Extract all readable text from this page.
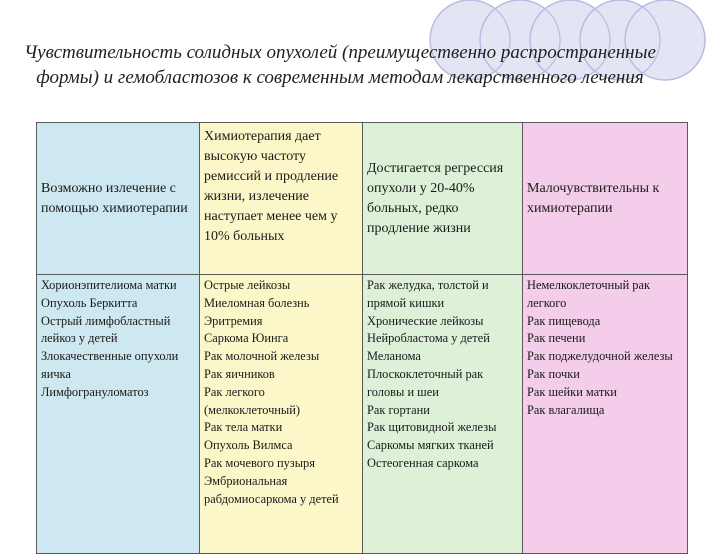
Чувствительность солидных опухолей (преимущественно распространенные формы) и гемобластозов к современным методам лекарственного лечения
Возможно излечение с помощью химиотерапии
Химиотерапия дает высокую частоту ремиссий и продление жизни, излечение наступает менее чем у 10% больных
Достигается регрессия опухоли у 20-40% больных, редко продление жизни
Малочувствительны к химиотерапии
Хорионэпителиома матки
Опухоль Беркитта
Острый лимфобластный лейкоз у детей
Злокачественные опухоли яичка
Лимфогрануломатоз
Острые лейкозы
Миеломная болезнь
Эритремия
Саркома Юинга
Рак молочной железы
Рак яичников
Рак легкого (мелкоклеточный)
Рак тела матки
Опухоль Вилмса
Рак мочевого пузыря
Эмбриональная рабдомиосаркома у детей
Рак желудка, толстой и прямой кишки
Хронические лейкозы
Нейробластома у детей
Меланома
Плоскоклеточный рак головы и шеи
Рак гортани
Рак щитовидной железы
Саркомы мягких тканей
Остеогенная саркома
Немелкоклеточный рак легкого
Рак пищевода
Рак печени
Рак поджелудочной железы
Рак почки
Рак шейки матки
Рак влагалища
